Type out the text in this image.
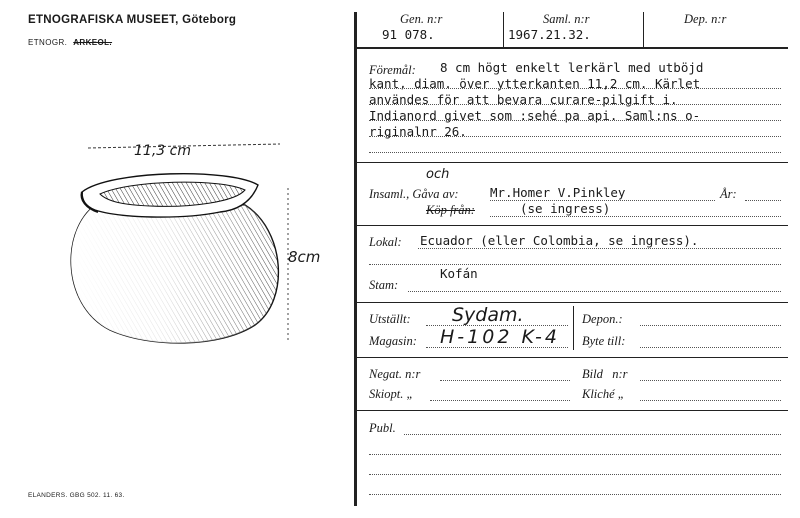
ETNOGRAFISKA MUSEET, Göteborg
ETNOGR. ARKEOL.
11,3 cm
8cm
ELANDERS. GBG 502. 11. 63.
Gen. n:r
91 078.
Saml. n:r
1967.21.32.
Dep. n:r
Föremål: 8 cm högt enkelt lerkärl med utböjd
kant, diam. över ytterkanten 11,2 cm. Kärlet
användes för att bevara curare-pilgift i.
Indianord givet som :sehé pa api. Saml:ns o-
riginalnr 26.
och
Insaml., Gåva av:
Köp från:
Mr.Homer V.Pinkley
(se ingress)
År:
Lokal: Ecuador (eller Colombia, se ingress).
Kofán
Stam:
Utställt: Sydam.
Magasin: H-102 K-4
Depon.:
Byte till:
Negat. n:r	Bild n:r
Skiopt. „	Kliché „
Publ.
